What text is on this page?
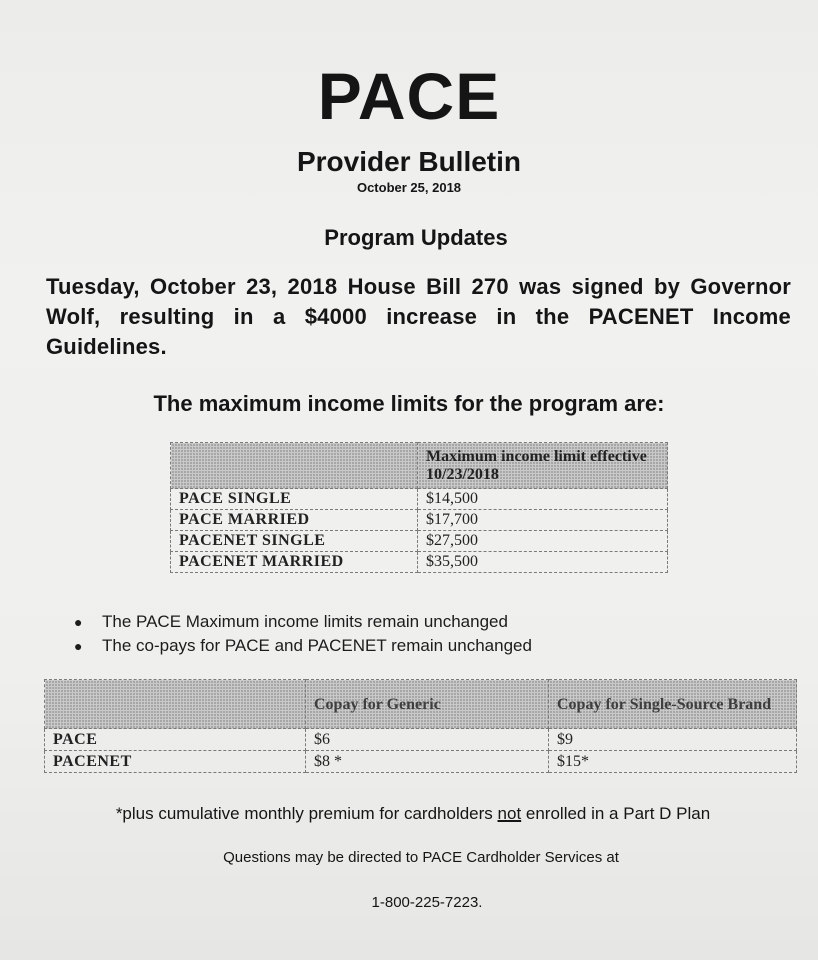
PACE
Provider Bulletin
October 25, 2018
Program Updates
Tuesday, October 23, 2018 House Bill 270 was signed by Governor Wolf, resulting in a $4000 increase in the PACENET Income Guidelines.
The maximum income limits for the program are:
	Maximum income limit effective 10/23/2018
PACE SINGLE	$14,500
PACE MARRIED	$17,700
PACENET SINGLE	$27,500
PACENET MARRIED	$35,500
● The PACE Maximum income limits remain unchanged
● The co-pays for PACE and PACENET remain unchanged
	Copay for Generic	Copay for Single-Source Brand
PACE	$6	$9
PACENET	$8 *	$15*
*plus cumulative monthly premium for cardholders not enrolled in a Part D Plan
Questions may be directed to PACE Cardholder Services at
1-800-225-7223.
